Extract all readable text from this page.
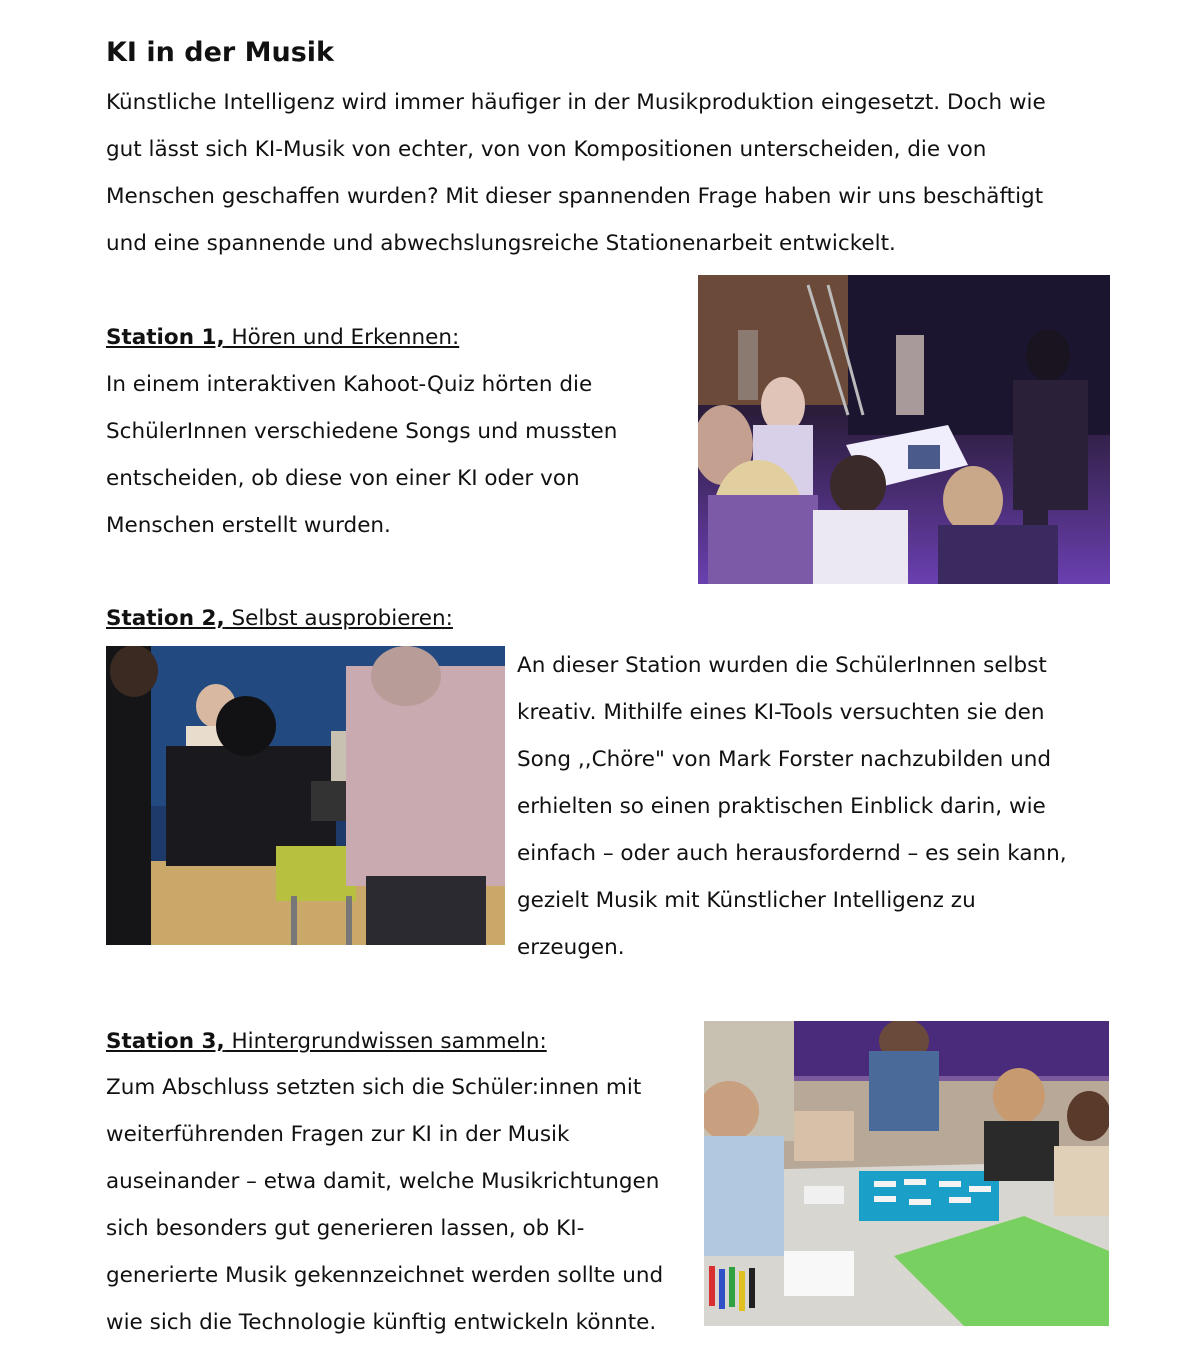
KI in der Musik
Künstliche Intelligenz wird immer häufiger in der Musikproduktion eingesetzt. Doch wie
gut lässt sich KI-Musik von echter, von von Kompositionen unterscheiden, die von
Menschen geschaffen wurden? Mit dieser spannenden Frage haben wir uns beschäftigt
und eine spannende und abwechslungsreiche Stationenarbeit entwickelt.
Station 1, Hören und Erkennen:
In einem interaktiven Kahoot-Quiz hörten die
SchülerInnen verschiedene Songs und mussten
entscheiden, ob diese von einer KI oder von
Menschen erstellt wurden.
Station 2, Selbst ausprobieren:
An dieser Station wurden die SchülerInnen selbst
kreativ. Mithilfe eines KI-Tools versuchten sie den
Song ,,Chöre" von Mark Forster nachzubilden und
erhielten so einen praktischen Einblick darin, wie
einfach – oder auch herausfordernd – es sein kann,
gezielt Musik mit Künstlicher Intelligenz zu
erzeugen.
Station 3, Hintergrundwissen sammeln:
Zum Abschluss setzten sich die Schüler:innen mit
weiterführenden Fragen zur KI in der Musik
auseinander – etwa damit, welche Musikrichtungen
sich besonders gut generieren lassen, ob KI-
generierte Musik gekennzeichnet werden sollte und
wie sich die Technologie künftig entwickeln könnte.
